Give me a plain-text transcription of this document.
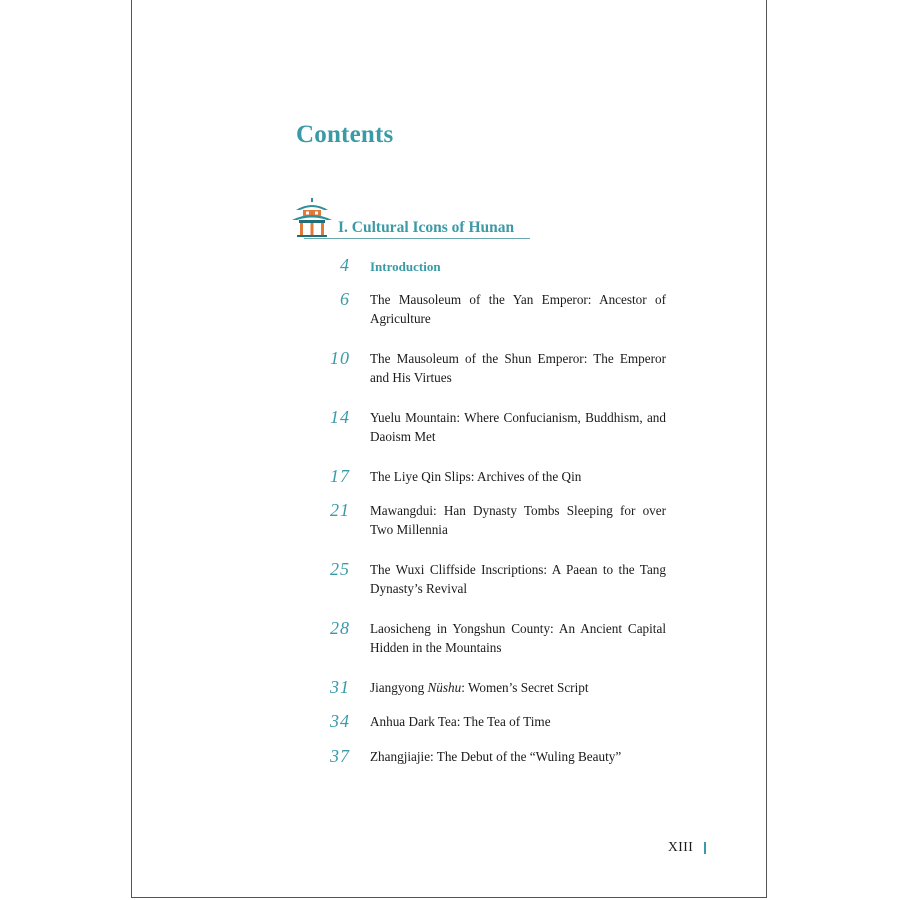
Contents
I. Cultural Icons of Hunan
4 Introduction
6 The Mausoleum of the Yan Emperor: Ancestor of Agriculture
10 The Mausoleum of the Shun Emperor: The Emperor and His Virtues
14 Yuelu Mountain: Where Confucianism, Buddhism, and Daoism Met
17 The Liye Qin Slips: Archives of the Qin
21 Mawangdui: Han Dynasty Tombs Sleeping for over Two Millennia
25 The Wuxi Cliffside Inscriptions: A Paean to the Tang Dynasty’s Revival
28 Laosicheng in Yongshun County: An Ancient Capital Hidden in the Mountains
31 Jiangyong Nüshu: Women’s Secret Script
34 Anhua Dark Tea: The Tea of Time
37 Zhangjiajie: The Debut of the “Wuling Beauty”
XIII
